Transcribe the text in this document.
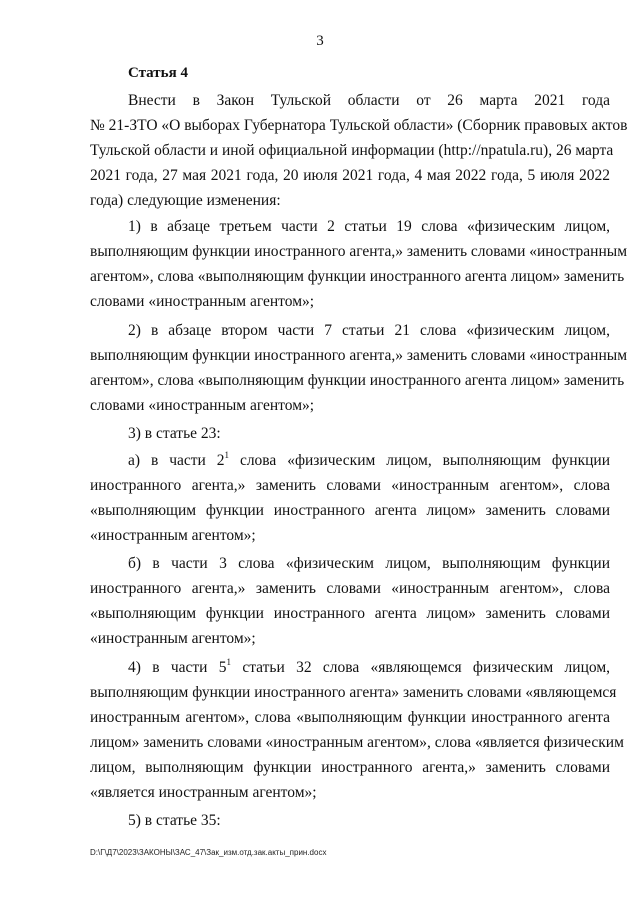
3
Статья 4
Внести в Закон Тульской области от 26 марта 2021 года
№ 21-ЗТО «О выборах Губернатора Тульской области» (Сборник правовых актов
Тульской области и иной официальной информации (http://npatula.ru), 26 марта
2021 года, 27 мая 2021 года, 20 июля 2021 года, 4 мая 2022 года, 5 июля 2022
года) следующие изменения:
1) в абзаце третьем части 2 статьи 19 слова «физическим лицом,
выполняющим функции иностранного агента,» заменить словами «иностранным
агентом», слова «выполняющим функции иностранного агента лицом» заменить
словами «иностранным агентом»;
2) в абзаце втором части 7 статьи 21 слова «физическим лицом,
выполняющим функции иностранного агента,» заменить словами «иностранным
агентом», слова «выполняющим функции иностранного агента лицом» заменить
словами «иностранным агентом»;
3) в статье 23:
а) в части $2^1$ слова «физическим лицом, выполняющим функции
иностранного агента,» заменить словами «иностранным агентом», слова
«выполняющим функции иностранного агента лицом» заменить словами
«иностранным агентом»;
б) в части 3 слова «физическим лицом, выполняющим функции
иностранного агента,» заменить словами «иностранным агентом», слова
«выполняющим функции иностранного агента лицом» заменить словами
«иностранным агентом»;
4) в части $5^1$ статьи 32 слова «являющемся физическим лицом,
выполняющим функции иностранного агента» заменить словами «являющемся
иностранным агентом», слова «выполняющим функции иностранного агента
лицом» заменить словами «иностранным агентом», слова «является физическим
лицом, выполняющим функции иностранного агента,» заменить словами
«является иностранным агентом»;
5) в статье 35:
D:\Г\Д7\2023\ЗАКОНЫ\ЗАС_47\Зак_изм.отд.зак.акты_прин.docx
